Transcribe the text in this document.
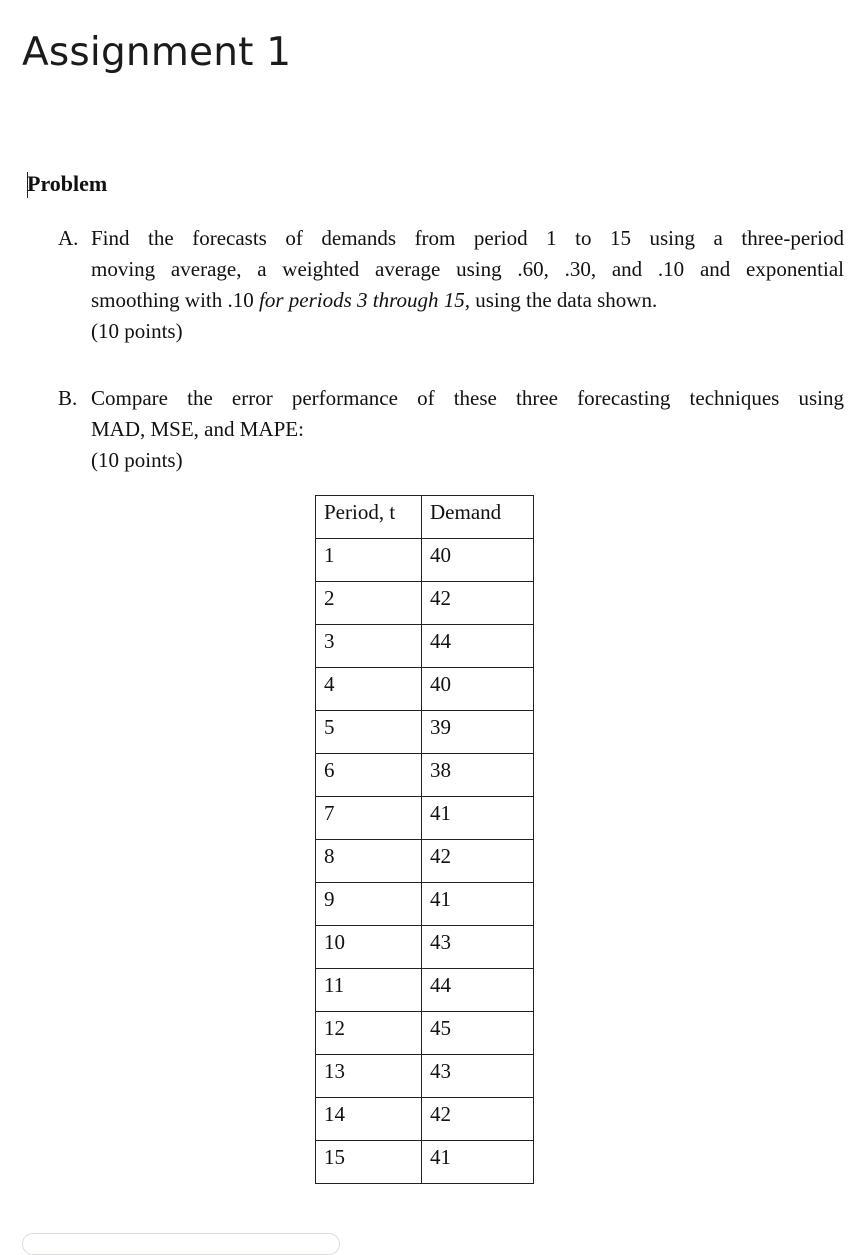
Assignment 1
Problem
A. Find the forecasts of demands from period 1 to 15 using a three-period
moving average, a weighted average using .60, .30, and .10 and exponential
smoothing with .10 for periods 3 through 15, using the data shown.
(10 points)
B. Compare the error performance of these three forecasting techniques using
MAD, MSE, and MAPE:
(10 points)
Period, t	Demand
1	40
2	42
3	44
4	40
5	39
6	38
7	41
8	42
9	41
10	43
11	44
12	45
13	43
14	42
15	41
